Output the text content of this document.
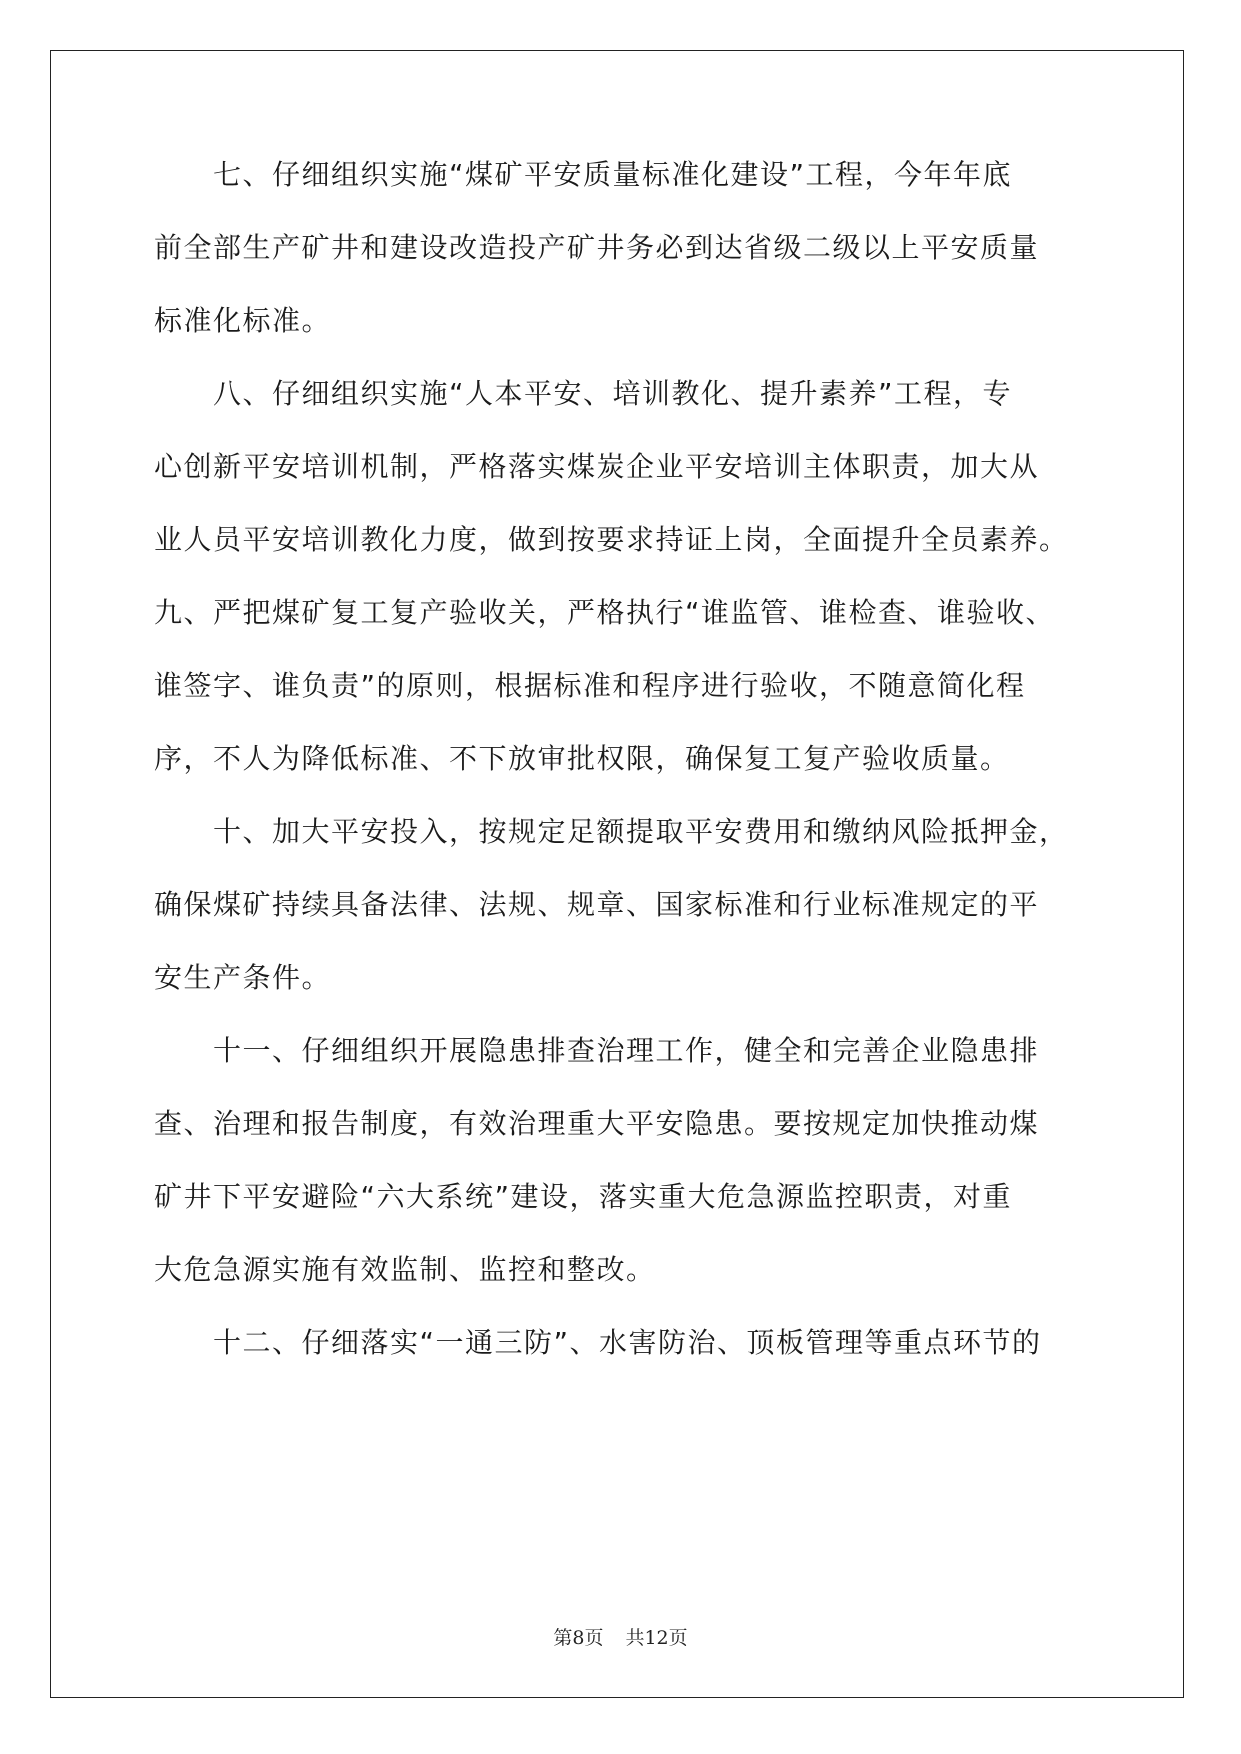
　　七、仔细组织实施“煤矿平安质量标准化建设”工程，今年年底
前全部生产矿井和建设改造投产矿井务必到达省级二级以上平安质量
标准化标准。
　　八、仔细组织实施“人本平安、培训教化、提升素养”工程，专
心创新平安培训机制，严格落实煤炭企业平安培训主体职责，加大从
业人员平安培训教化力度，做到按要求持证上岗，全面提升全员素养。
九、严把煤矿复工复产验收关，严格执行“谁监管、谁检查、谁验收、
谁签字、谁负责”的原则，根据标准和程序进行验收，不随意简化程
序，不人为降低标准、不下放审批权限，确保复工复产验收质量。
　　十、加大平安投入，按规定足额提取平安费用和缴纳风险抵押金，
确保煤矿持续具备法律、法规、规章、国家标准和行业标准规定的平
安生产条件。
　　十一、仔细组织开展隐患排查治理工作，健全和完善企业隐患排
查、治理和报告制度，有效治理重大平安隐患。要按规定加快推动煤
矿井下平安避险“六大系统”建设，落实重大危急源监控职责，对重
大危急源实施有效监制、监控和整改。
　　十二、仔细落实“一通三防”、水害防治、顶板管理等重点环节的
第8页 共12页
